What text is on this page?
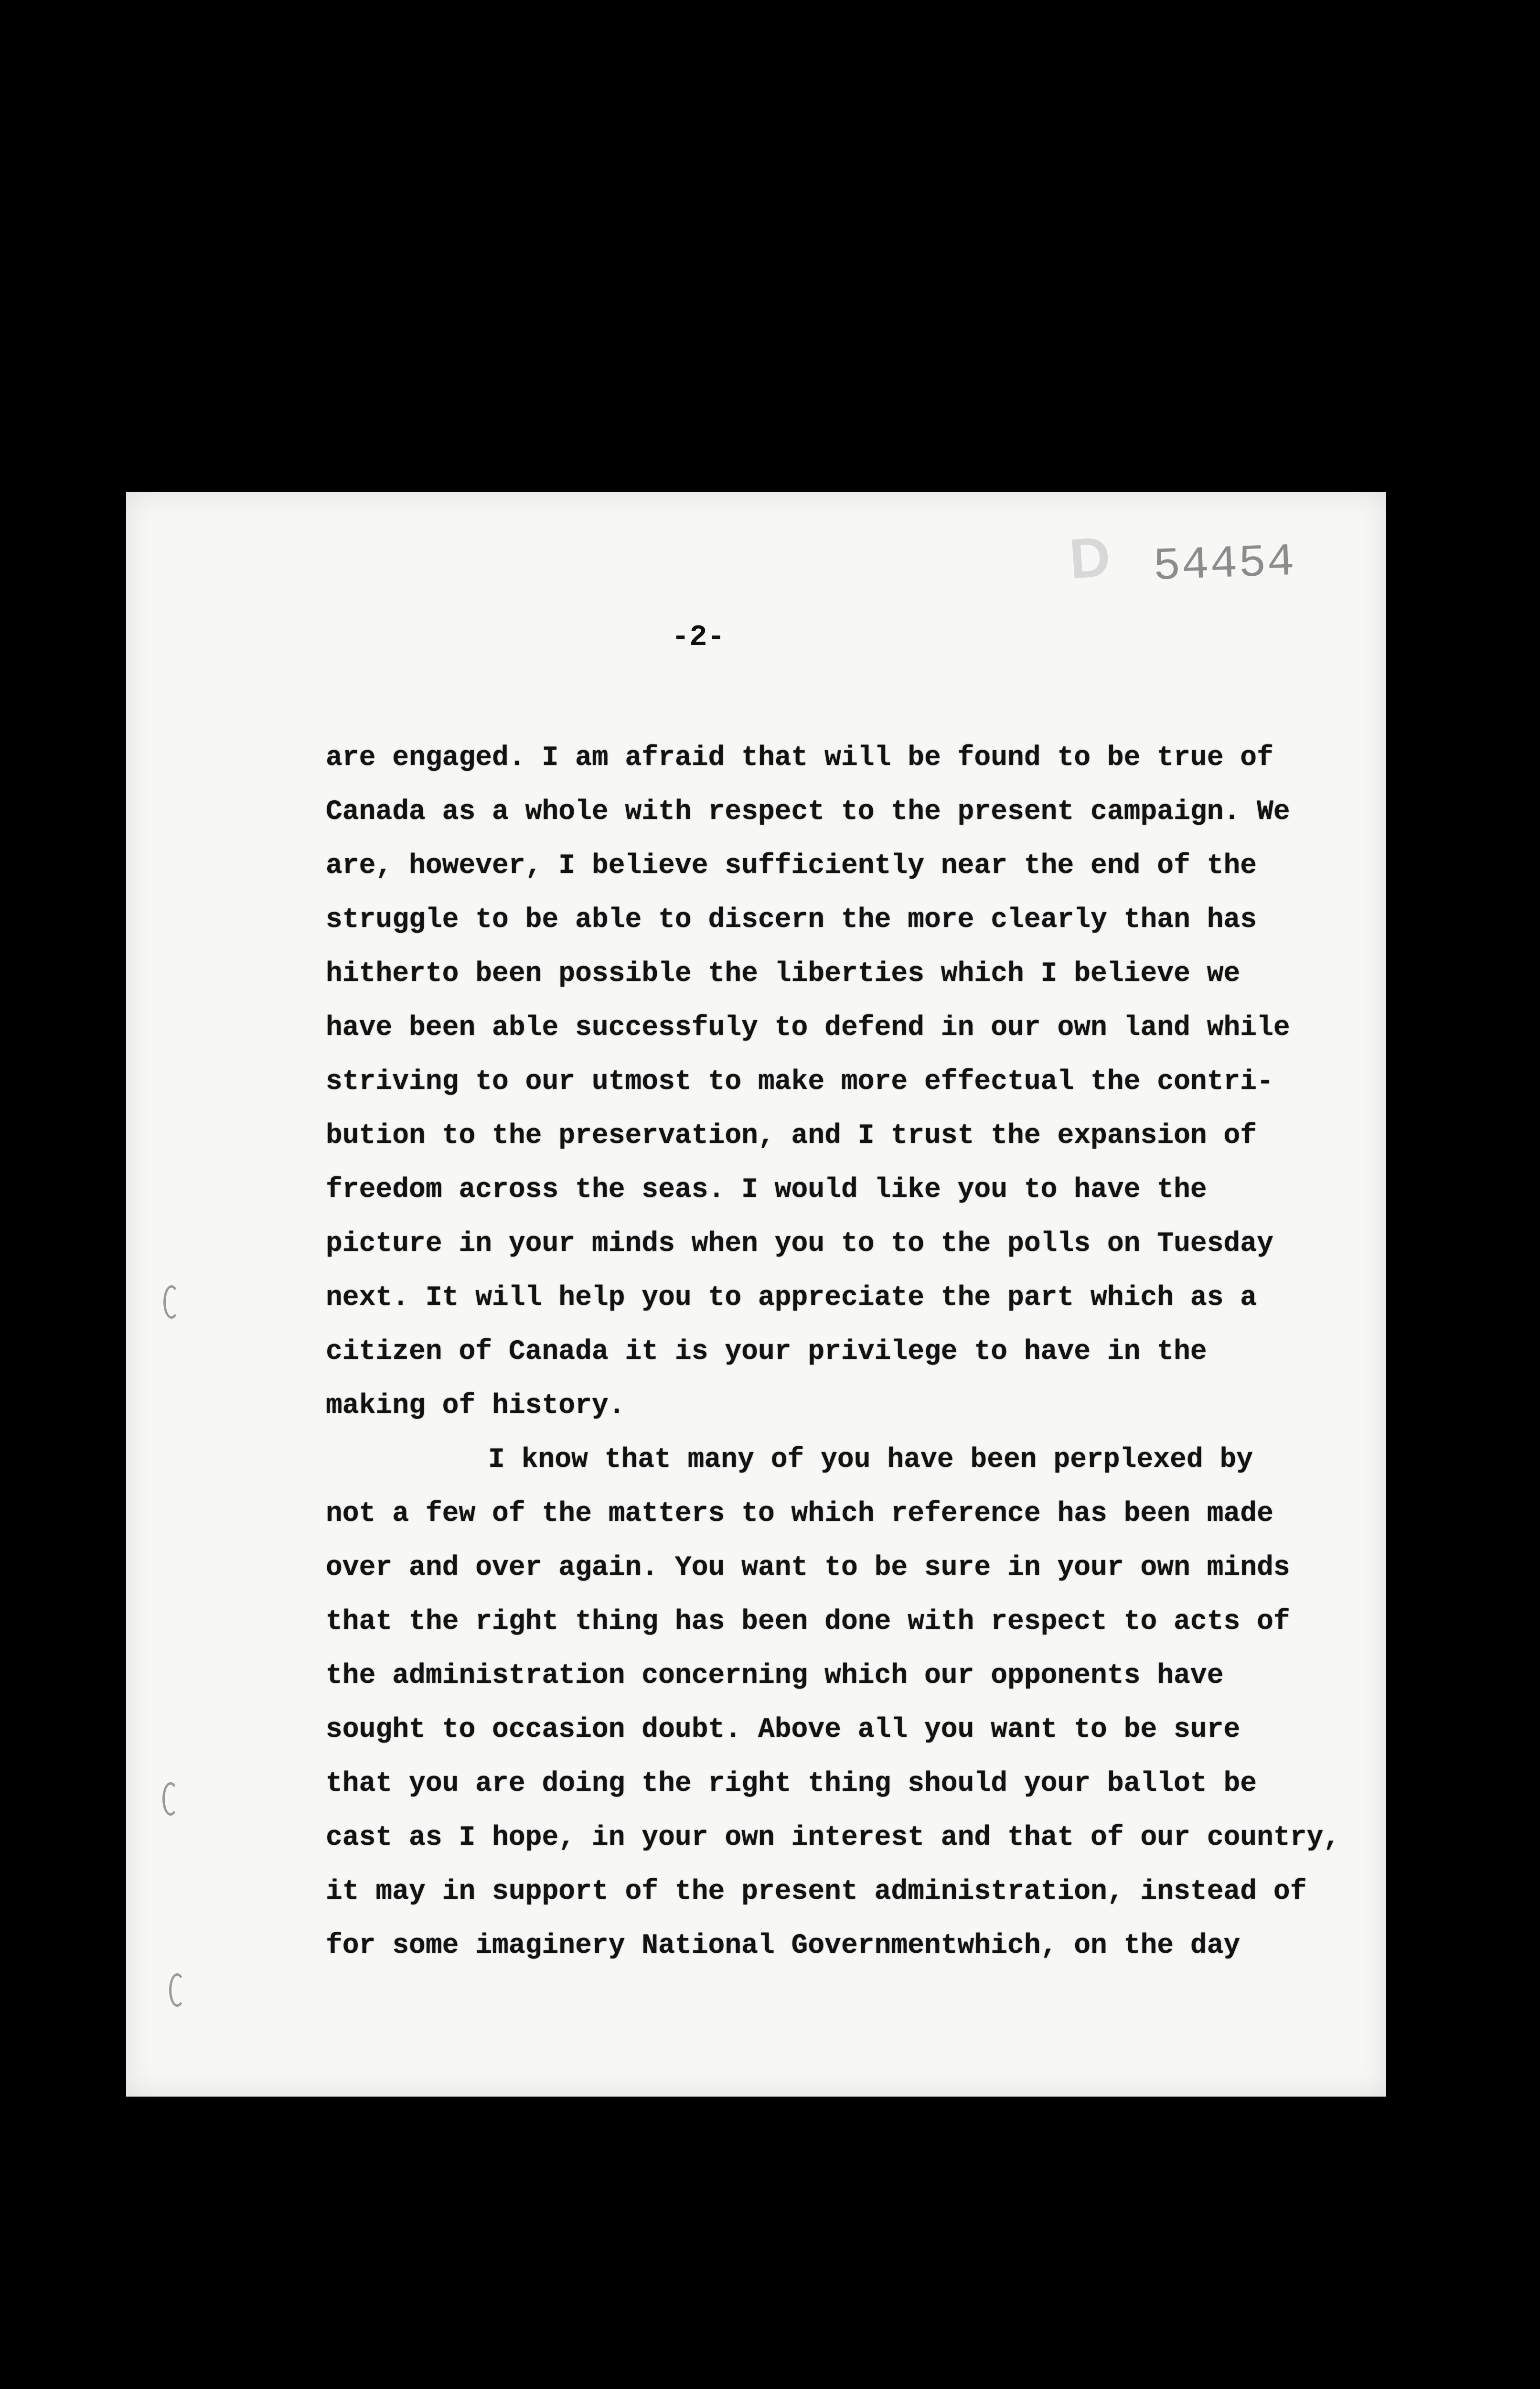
D 54454
-2-
are engaged. I am afraid that will be found to be true of
Canada as a whole with respect to the present campaign. We
are, however, I believe sufficiently near the end of the
struggle to be able to discern the more clearly than has
hitherto been possible the liberties which I believe we
have been able successfuly to defend in our own land while
striving to our utmost to make more effectual the contri-
bution to the preservation, and I trust the expansion of
freedom across the seas. I would like you to have the
picture in your minds when you to to the polls on Tuesday
next. It will help you to appreciate the part which as a
citizen of Canada it is your privilege to have in the
making of history.
I know that many of you have been perplexed by
not a few of the matters to which reference has been made
over and over again. You want to be sure in your own minds
that the right thing has been done with respect to acts of
the administration concerning which our opponents have
sought to occasion doubt. Above all you want to be sure
that you are doing the right thing should your ballot be
cast as I hope, in your own interest and that of our country,
it may in support of the present administration, instead of
for some imaginery National Governmentwhich, on the day
